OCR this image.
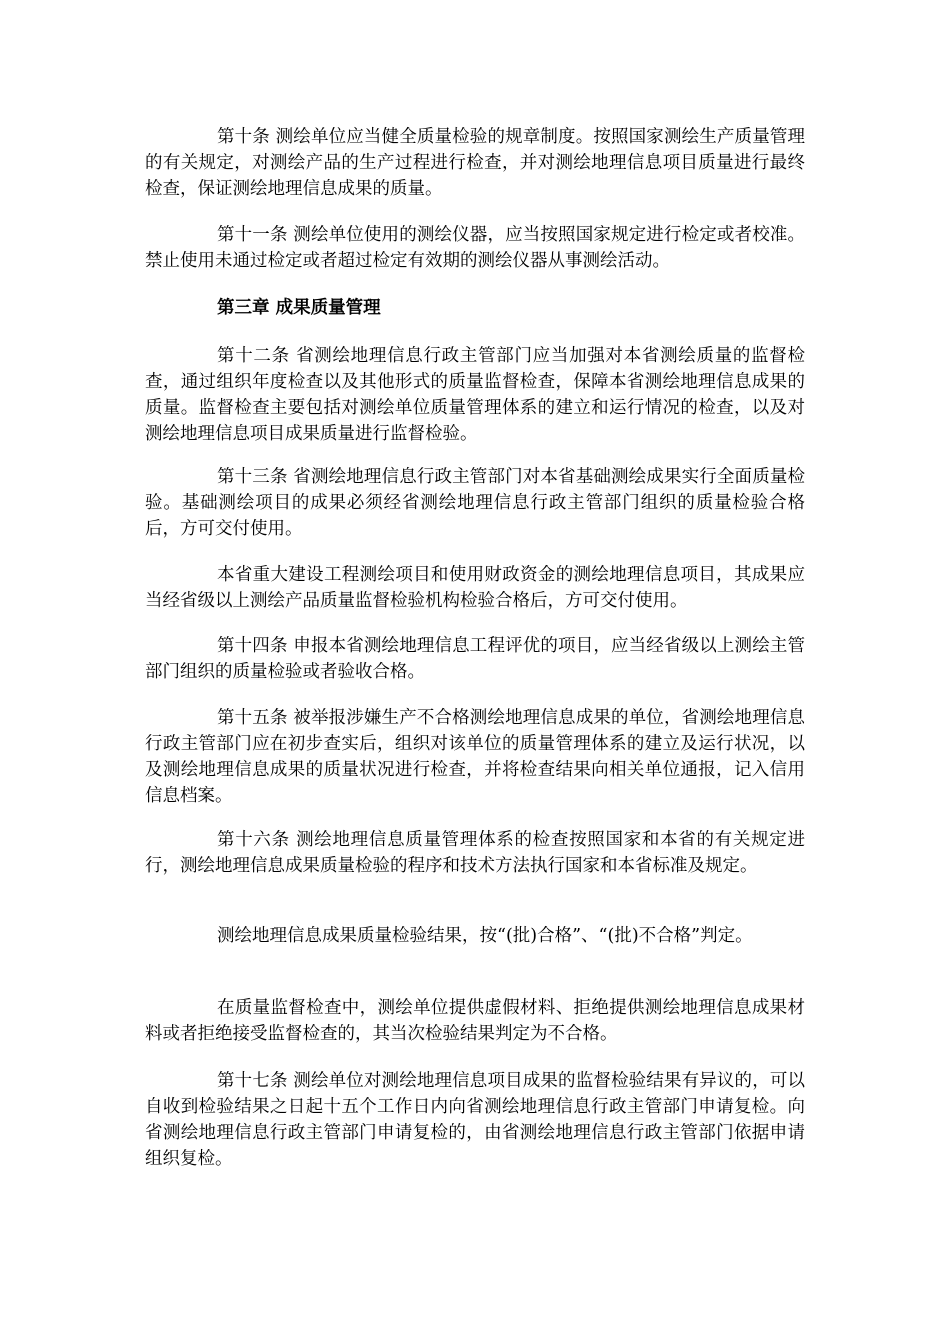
第十条 测绘单位应当健全质量检验的规章制度。按照国家测绘生产质量管理的有关规定，对测绘产品的生产过程进行检查，并对测绘地理信息项目质量进行最终检查，保证测绘地理信息成果的质量。

第十一条 测绘单位使用的测绘仪器，应当按照国家规定进行检定或者校准。禁止使用未通过检定或者超过检定有效期的测绘仪器从事测绘活动。

第三章 成果质量管理

第十二条 省测绘地理信息行政主管部门应当加强对本省测绘质量的监督检查，通过组织年度检查以及其他形式的质量监督检查，保障本省测绘地理信息成果的质量。监督检查主要包括对测绘单位质量管理体系的建立和运行情况的检查，以及对测绘地理信息项目成果质量进行监督检验。

第十三条 省测绘地理信息行政主管部门对本省基础测绘成果实行全面质量检验。基础测绘项目的成果必须经省测绘地理信息行政主管部门组织的质量检验合格后，方可交付使用。

本省重大建设工程测绘项目和使用财政资金的测绘地理信息项目，其成果应当经省级以上测绘产品质量监督检验机构检验合格后，方可交付使用。

第十四条 申报本省测绘地理信息工程评优的项目，应当经省级以上测绘主管部门组织的质量检验或者验收合格。

第十五条 被举报涉嫌生产不合格测绘地理信息成果的单位，省测绘地理信息行政主管部门应在初步查实后，组织对该单位的质量管理体系的建立及运行状况，以及测绘地理信息成果的质量状况进行检查，并将检查结果向相关单位通报，记入信用信息档案。

第十六条 测绘地理信息质量管理体系的检查按照国家和本省的有关规定进行，测绘地理信息成果质量检验的程序和技术方法执行国家和本省标准及规定。

测绘地理信息成果质量检验结果，按“(批)合格”、“(批)不合格”判定。

在质量监督检查中，测绘单位提供虚假材料、拒绝提供测绘地理信息成果材料或者拒绝接受监督检查的，其当次检验结果判定为不合格。

第十七条 测绘单位对测绘地理信息项目成果的监督检验结果有异议的，可以自收到检验结果之日起十五个工作日内向省测绘地理信息行政主管部门申请复检。向省测绘地理信息行政主管部门申请复检的，由省测绘地理信息行政主管部门依据申请组织复检。
